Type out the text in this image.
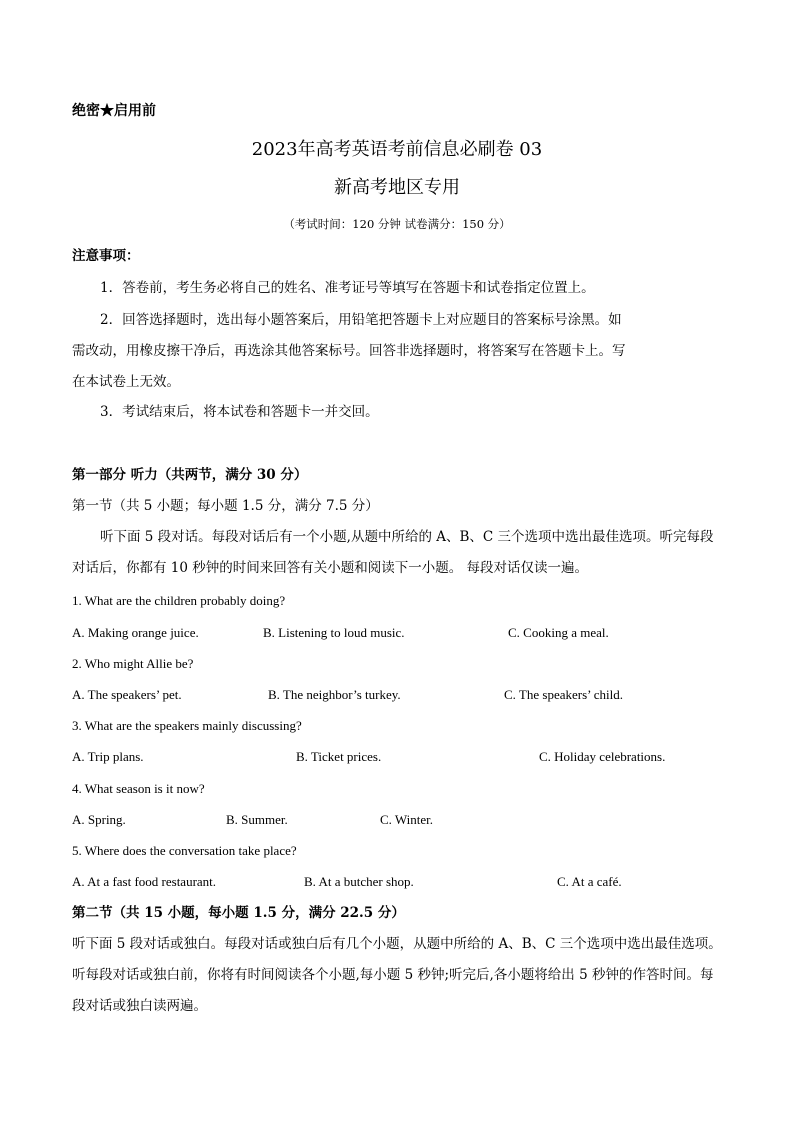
绝密★启用前
2023年高考英语考前信息必刷卷 03
新高考地区专用
（考试时间：120 分钟 试卷满分：150 分）
注意事项：
1．答卷前，考生务必将自己的姓名、准考证号等填写在答题卡和试卷指定位置上。
2．回答选择题时，选出每小题答案后，用铅笔把答题卡上对应题目的答案标号涂黑。如
需改动，用橡皮擦干净后，再选涂其他答案标号。回答非选择题时，将答案写在答题卡上。写
在本试卷上无效。
3．考试结束后，将本试卷和答题卡一并交回。
第一部分 听力（共两节，满分 30 分）
第一节（共 5 小题；每小题 1.5 分，满分 7.5 分）
听下面 5 段对话。每段对话后有一个小题,从题中所给的 A、B、C 三个选项中选出最佳选项。听完每段
对话后，你都有 10 秒钟的时间来回答有关小题和阅读下一小题。 每段对话仅读一遍。
1. What are the children probably doing?
A. Making orange juice.	B. Listening to loud music.	C. Cooking a meal.
2. Who might Allie be?
A. The speakers’ pet.	B. The neighbor’s turkey.	C. The speakers’ child.
3. What are the speakers mainly discussing?
A. Trip plans.	B. Ticket prices.	C. Holiday celebrations.
4. What season is it now?
A. Spring.	B. Summer.	C. Winter.
5. Where does the conversation take place?
A. At a fast food restaurant.	B. At a butcher shop.	C. At a café.
第二节（共 15 小题，每小题 1.5 分，满分 22.5 分）
听下面 5 段对话或独白。每段对话或独白后有几个小题，从题中所给的 A、B、C 三个选项中选出最佳选项。
听每段对话或独白前，你将有时间阅读各个小题,每小题 5 秒钟;听完后,各小题将给出 5 秒钟的作答时间。每
段对话或独白读两遍。
